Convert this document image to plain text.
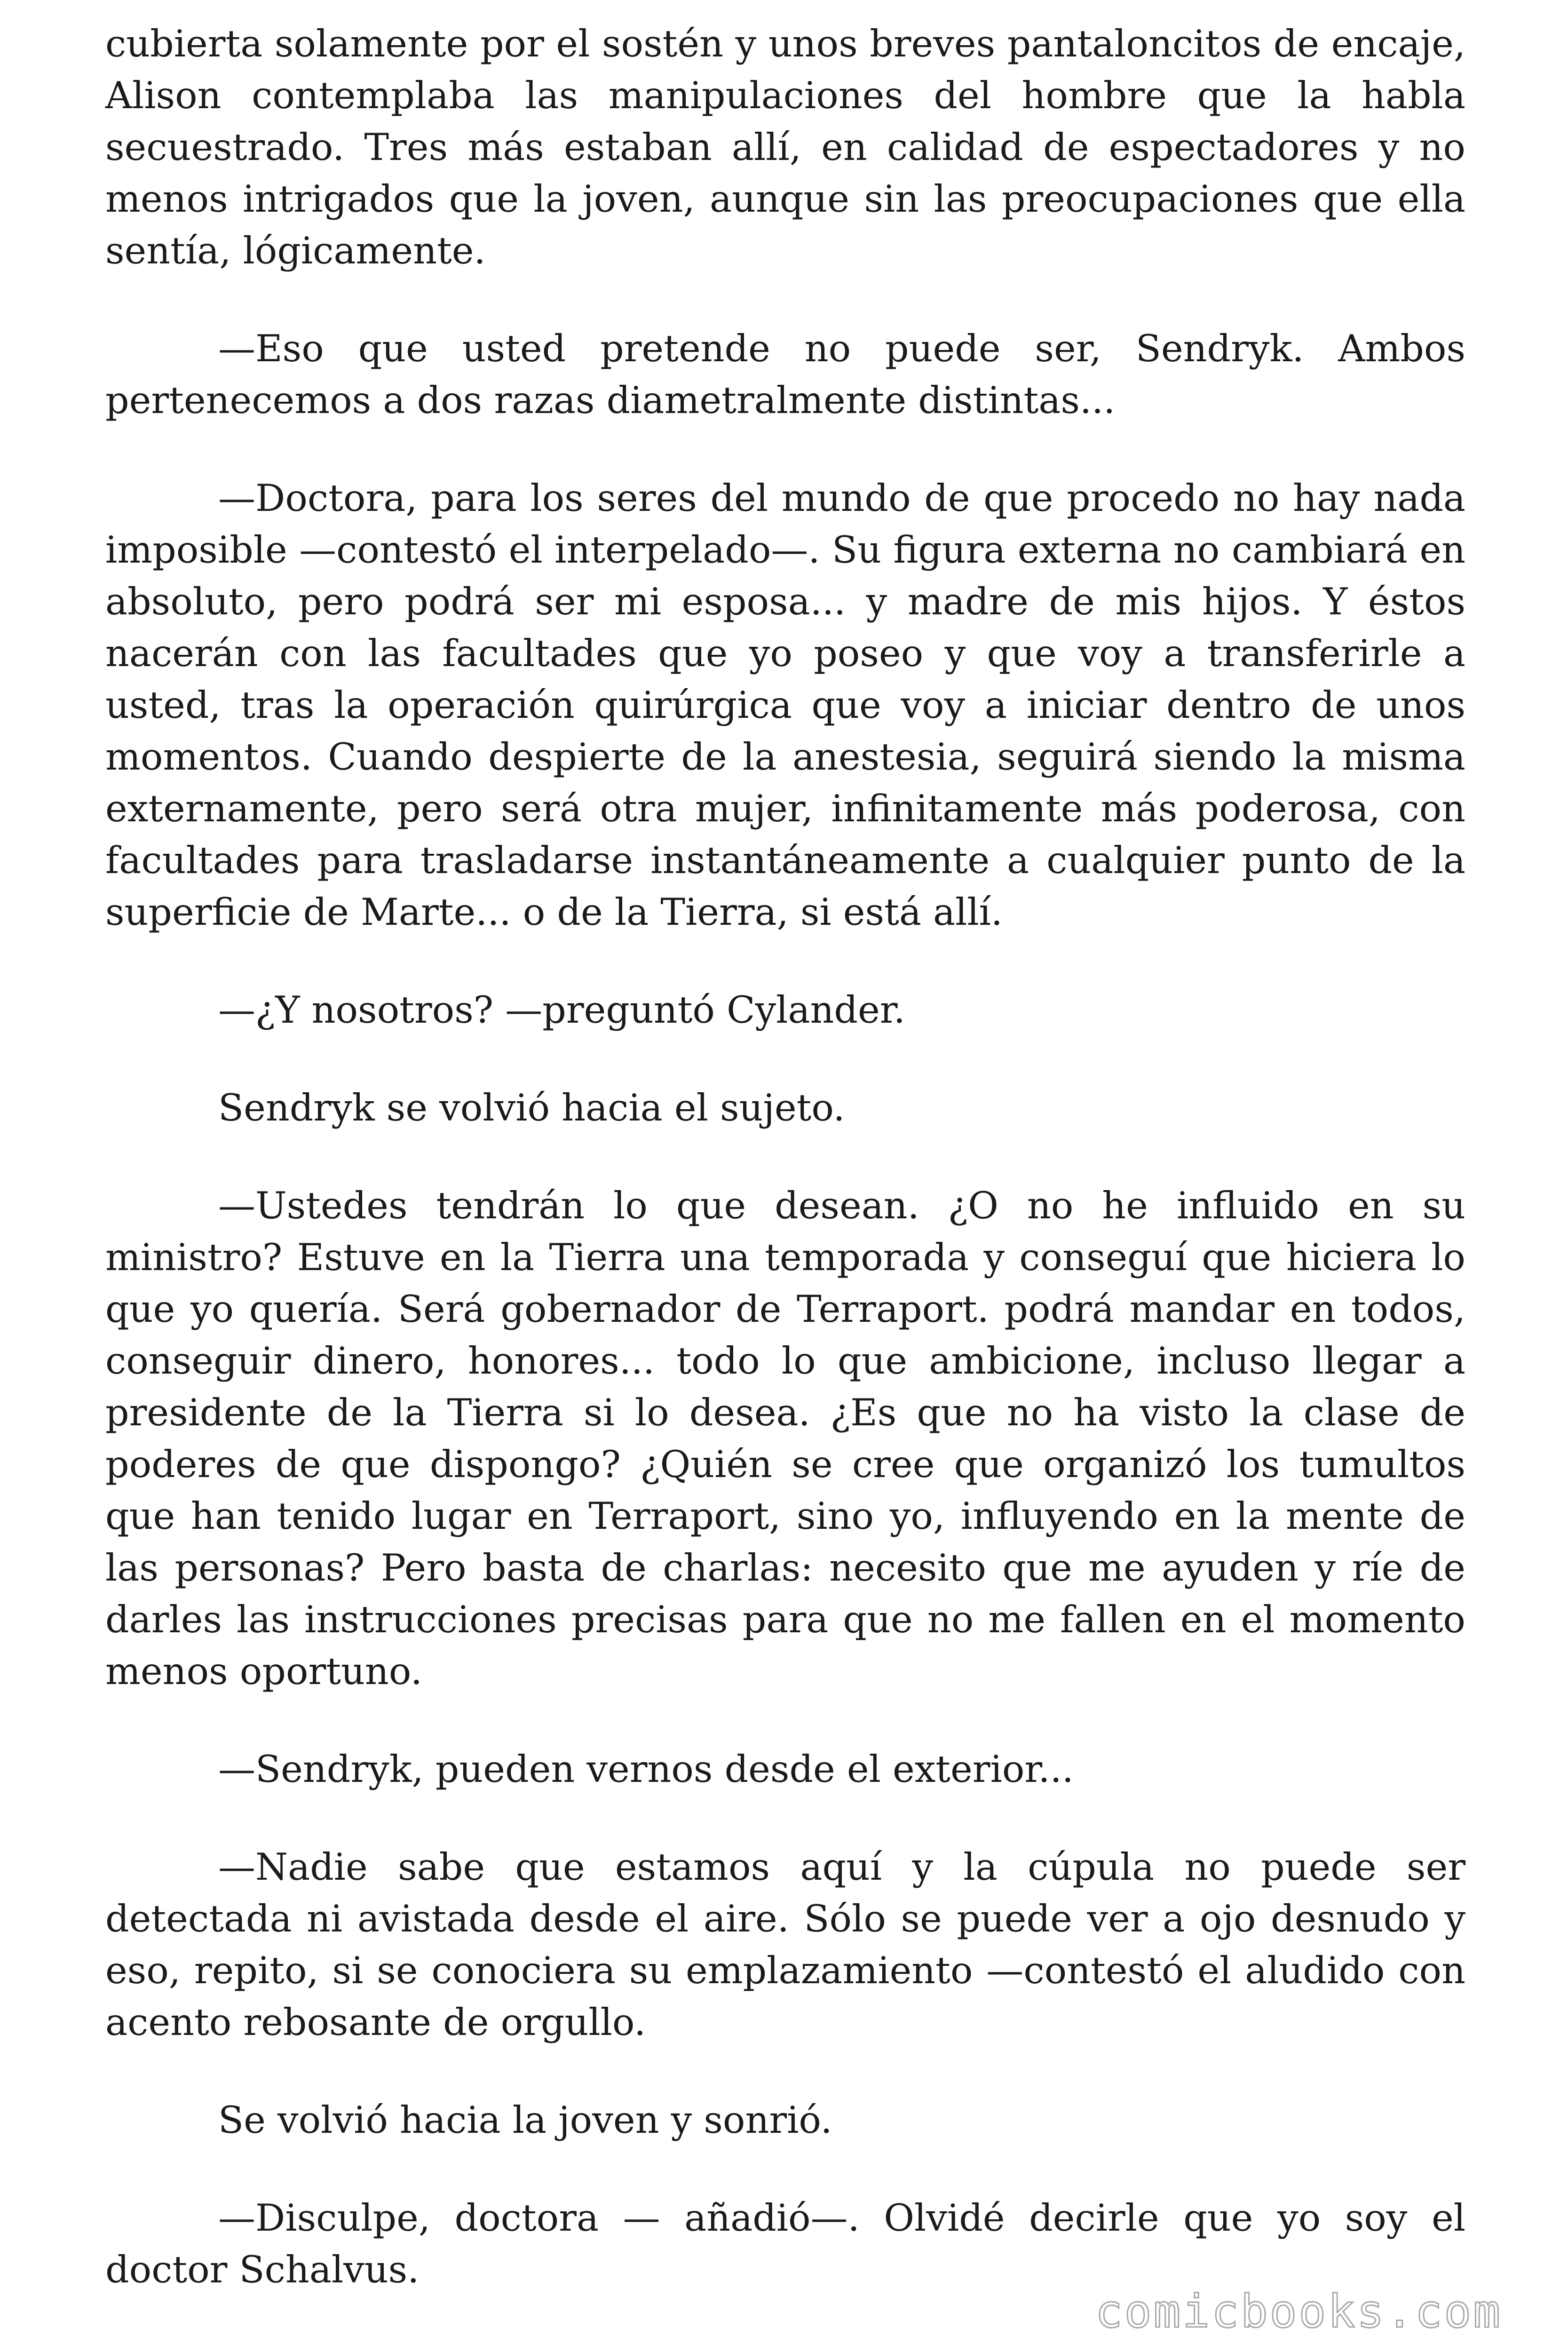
cubierta solamente por el sostén y unos breves pantaloncitos de encaje, Alison contemplaba las manipulaciones del hombre que la habla secuestrado. Tres más estaban allí, en calidad de espectadores y no menos intrigados que la joven, aunque sin las preocupaciones que ella sentía, lógicamente.

—Eso que usted pretende no puede ser, Sendryk. Ambos pertenecemos a dos razas diametralmente distintas...

—Doctora, para los seres del mundo de que procedo no hay nada imposible —contestó el interpelado—. Su figura externa no cambiará en absoluto, pero podrá ser mi esposa... y madre de mis hijos. Y éstos nacerán con las facultades que yo poseo y que voy a transferirle a usted, tras la operación quirúrgica que voy a iniciar dentro de unos momentos. Cuando despierte de la anestesia, seguirá siendo la misma externamente, pero será otra mujer, infinitamente más poderosa, con facultades para trasladarse instantáneamente a cualquier punto de la superficie de Marte... o de la Tierra, si está allí.

—¿Y nosotros? —preguntó Cylander.

Sendryk se volvió hacia el sujeto.

—Ustedes tendrán lo que desean. ¿O no he influido en su ministro? Estuve en la Tierra una temporada y conseguí que hiciera lo que yo quería. Será gobernador de Terraport. podrá mandar en todos, conseguir dinero, honores... todo lo que ambicione, incluso llegar a presidente de la Tierra si lo desea. ¿Es que no ha visto la clase de poderes de que dispongo? ¿Quién se cree que organizó los tumultos que han tenido lugar en Terraport, sino yo, influyendo en la mente de las personas? Pero basta de charlas: necesito que me ayuden y ríe de darles las instrucciones precisas para que no me fallen en el momento menos oportuno.

—Sendryk, pueden vernos desde el exterior...

—Nadie sabe que estamos aquí y la cúpula no puede ser detectada ni avistada desde el aire. Sólo se puede ver a ojo desnudo y eso, repito, si se conociera su emplazamiento —contestó el aludido con acento rebosante de orgullo.

Se volvió hacia la joven y sonrió.

—Disculpe, doctora — añadió—. Olvidé decirle que yo soy el doctor Schalvus.

comicbooks.com
